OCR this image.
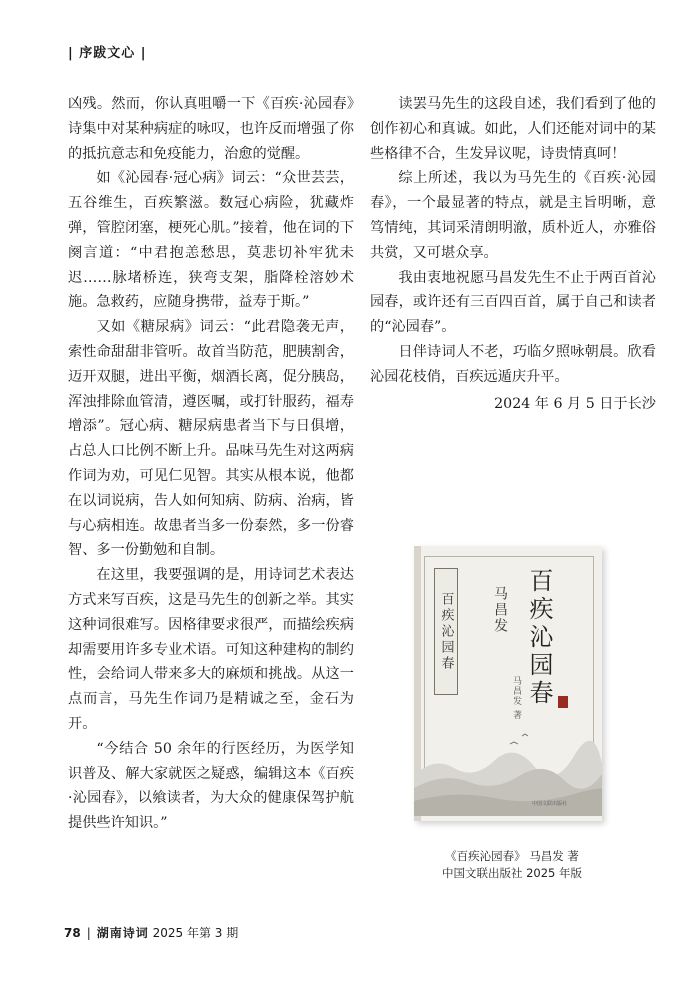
| 序跋文心 |

凶残。然而，你认真咀嚼一下《百疾·沁园春》诗集中对某种病症的咏叹，也许反而增强了你的抵抗意志和免疫能力，治愈的觉醒。

如《沁园春·冠心病》词云：“众世芸芸，五谷维生，百疾繁滋。数冠心病险，犹藏炸弹，管腔闭塞，梗死心肌。”接着，他在词的下阕言道：“中君抱恙愁思，莫悲切补牢犹未迟……脉堵桥连，狭弯支架，脂降栓溶妙术施。急救药，应随身携带，益寿于斯。”

又如《糖尿病》词云：“此君隐袭无声，索性命甜甜非管听。故首当防范，肥胰割舍，迈开双腿，进出平衡，烟酒长离，促分胰岛，浑浊排除血管清，遵医嘱，或打针服药，福寿增添”。冠心病、糖尿病患者当下与日俱增，占总人口比例不断上升。品味马先生对这两病作词为劝，可见仁见智。其实从根本说，他都在以词说病，告人如何知病、防病、治病，皆与心病相连。故患者当多一份泰然，多一份睿智、多一份勤勉和自制。

在这里，我要强调的是，用诗词艺术表达方式来写百疾，这是马先生的创新之举。其实这种词很难写。因格律要求很严，而描绘疾病却需要用许多专业术语。可知这种建构的制约性，会给词人带来多大的麻烦和挑战。从这一点而言，马先生作词乃是精诚之至，金石为开。

“今结合 50 余年的行医经历，为医学知识普及、解大家就医之疑惑，编辑这本《百疾·沁园春》，以飨读者，为大众的健康保驾护航提供些许知识。”

读罢马先生的这段自述，我们看到了他的创作初心和真诚。如此，人们还能对词中的某些格律不合，生发异议呢，诗贵情真呵！

综上所述，我以为马先生的《百疾·沁园春》，一个最显著的特点，就是主旨明晰，意笃情纯，其词采清朗明澈，质朴近人，亦雅俗共赏，又可堪众享。

我由衷地祝愿马昌发先生不止于两百首沁园春，或许还有三百四百首，属于自己和读者的“沁园春”。

日伴诗词人不老，巧临夕照咏朝晨。欣看沁园花枝俏，百疾远遁庆升平。

2024 年 6 月 5 日于长沙

百疾沁园春	百疾沁园春
马昌发
马昌发 著
中国文联出版社
《百疾沁园春》 马昌发 著
中国文联出版社 2025 年版
78 | 湖南诗词 2025 年第 3 期
